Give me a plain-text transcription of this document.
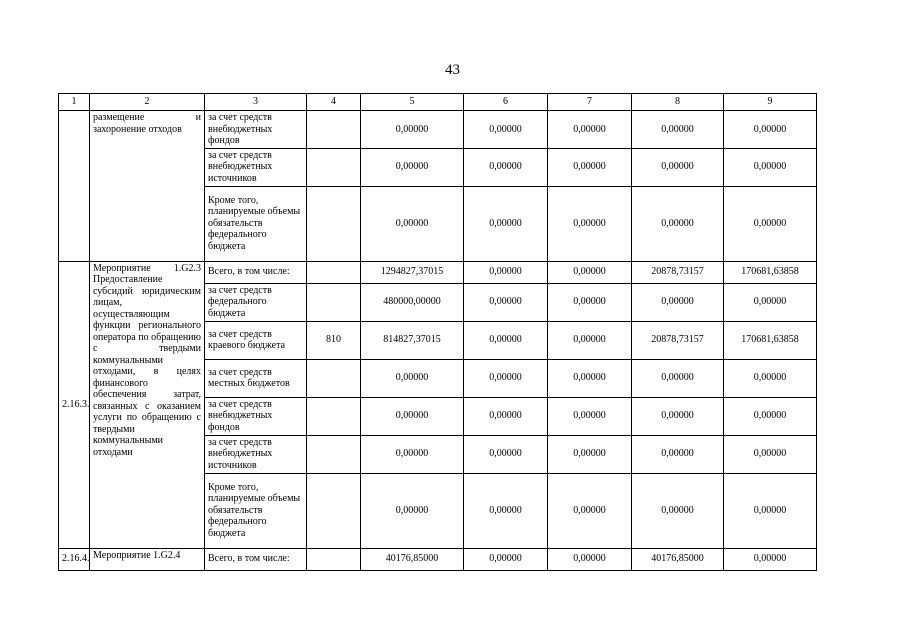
43
1	2	3	4	5	6	7	8	9
	размещение и захоронение отходов	за счет средств внебюджетных фондов		0,00000	0,00000	0,00000	0,00000	0,00000
		за счет средств внебюджетных источников		0,00000	0,00000	0,00000	0,00000	0,00000
		Кроме того, планируемые объемы обязательств федерального бюджета		0,00000	0,00000	0,00000	0,00000	0,00000
2.16.3.	Мероприятие 1.G2.3 Предоставление субсидий юридическим лицам, осуществляющим функции регионального оператора по обращению с твердыми коммунальными отходами, в целях финансового обеспечения затрат, связанных с оказанием услуги по обращению с твердыми коммунальными отходами	Всего, в том числе:		1294827,37015	0,00000	0,00000	20878,73157	170681,63858
		за счет средств федерального бюджета		480000,00000	0,00000	0,00000	0,00000	0,00000
		за счет средств краевого бюджета	810	814827,37015	0,00000	0,00000	20878,73157	170681,63858
		за счет средств местных бюджетов		0,00000	0,00000	0,00000	0,00000	0,00000
		за счет средств внебюджетных фондов		0,00000	0,00000	0,00000	0,00000	0,00000
		за счет средств внебюджетных источников		0,00000	0,00000	0,00000	0,00000	0,00000
		Кроме того, планируемые объемы обязательств федерального бюджета		0,00000	0,00000	0,00000	0,00000	0,00000
2.16.4.	Мероприятие 1.G2.4	Всего, в том числе:		40176,85000	0,00000	0,00000	40176,85000	0,00000
